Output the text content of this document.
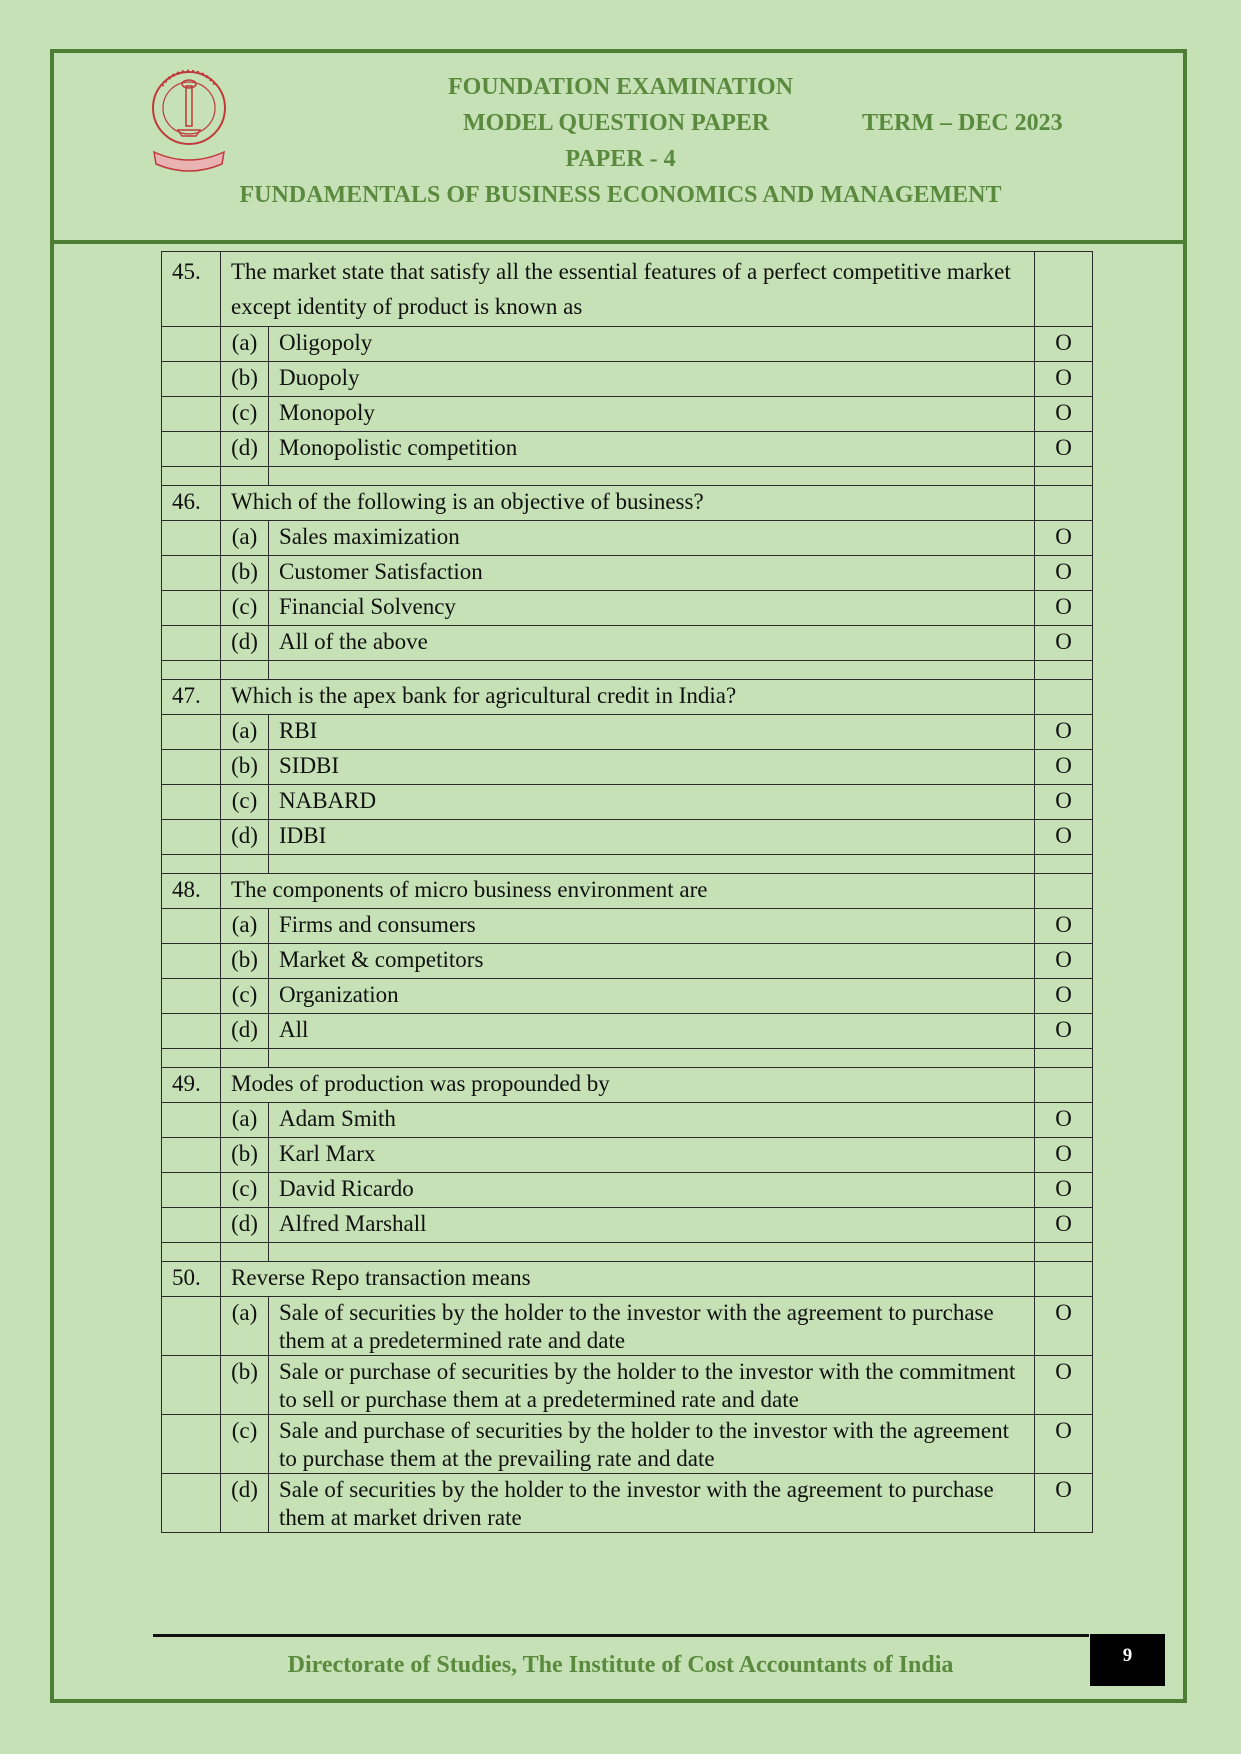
FOUNDATION EXAMINATION
MODEL QUESTION PAPER	TERM – DEC 2023
PAPER - 4
FUNDAMENTALS OF BUSINESS ECONOMICS AND MANAGEMENT
45.	The market state that satisfy all the essential features of a perfect competitive market except identity of product is known as		
	(a)	Oligopoly	O
	(b)	Duopoly	O
	(c)	Monopoly	O
	(d)	Monopolistic competition	O

46.	Which of the following is an objective of business?		
	(a)	Sales maximization	O
	(b)	Customer Satisfaction	O
	(c)	Financial Solvency	O
	(d)	All of the above	O

47.	Which is the apex bank for agricultural credit in India?		
	(a)	RBI	O
	(b)	SIDBI	O
	(c)	NABARD	O
	(d)	IDBI	O

48.	The components of micro business environment are		
	(a)	Firms and consumers	O
	(b)	Market & competitors	O
	(c)	Organization	O
	(d)	All	O

49.	Modes of production was propounded by		
	(a)	Adam Smith	O
	(b)	Karl Marx	O
	(c)	David Ricardo	O
	(d)	Alfred Marshall	O

50.	Reverse Repo transaction means		
	(a)	Sale of securities by the holder to the investor with the agreement to purchase them at a predetermined rate and date	O
	(b)	Sale or purchase of securities by the holder to the investor with the commitment to sell or purchase them at a predetermined rate and date	O
	(c)	Sale and purchase of securities by the holder to the investor with the agreement to purchase them at the prevailing rate and date	O
	(d)	Sale of securities by the holder to the investor with the agreement to purchase them at market driven rate	O
Directorate of Studies, The Institute of Cost Accountants of India	9
